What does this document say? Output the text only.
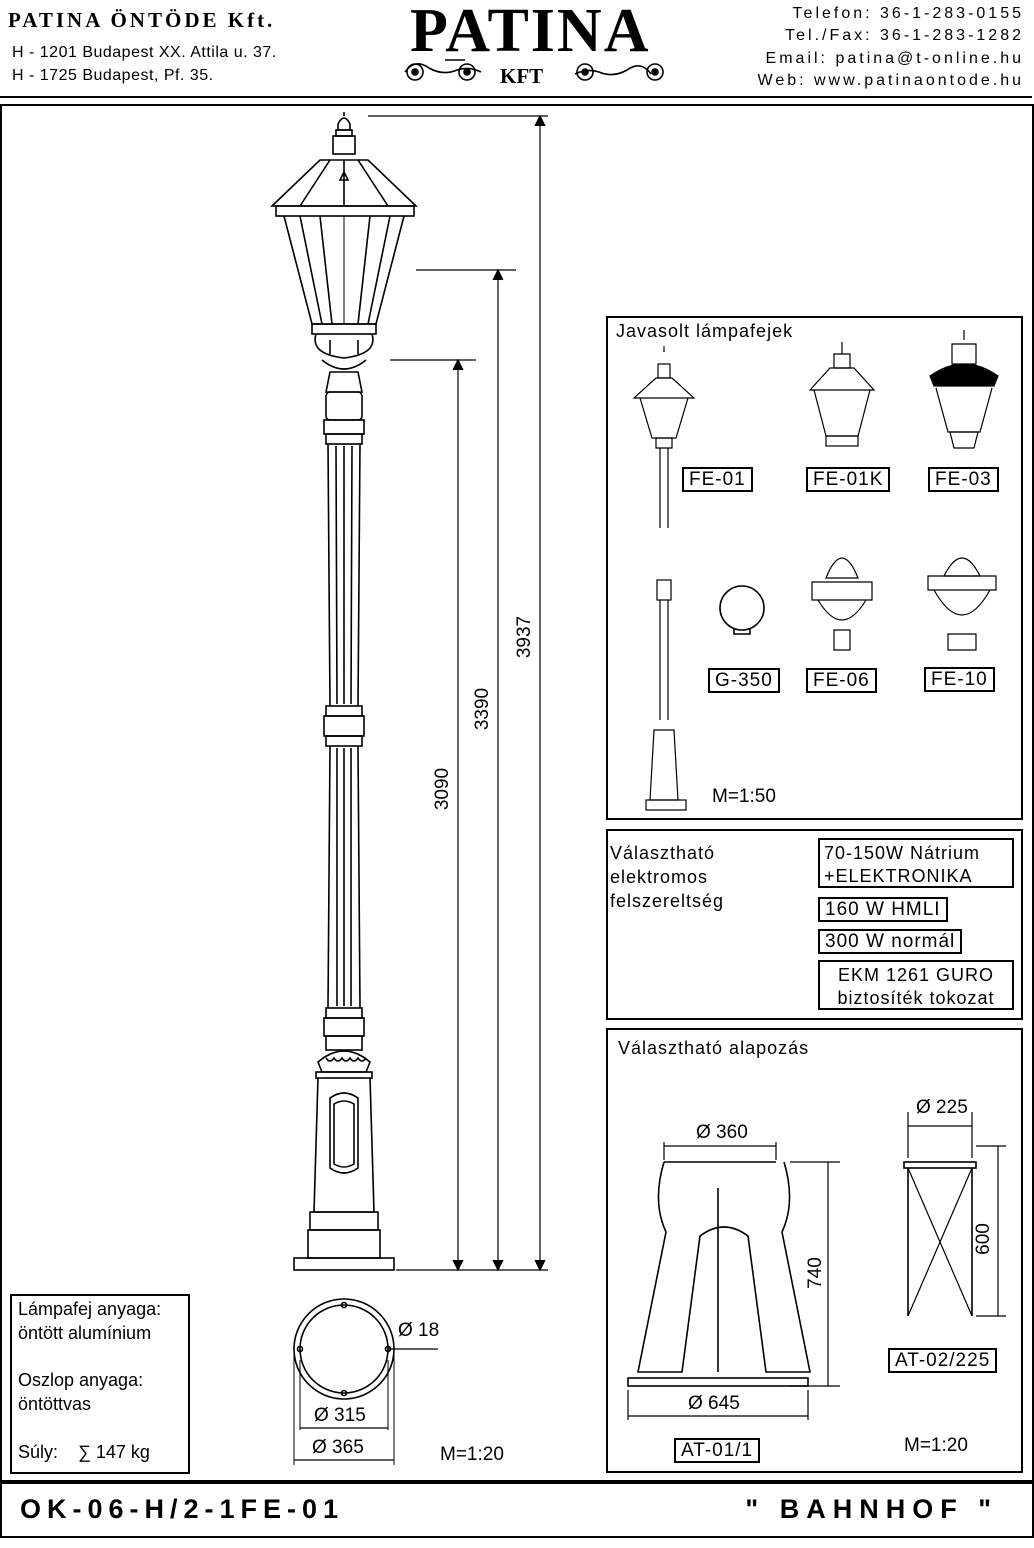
PATINA ÖNTÖDE Kft.
H - 1201 Budapest XX. Attila u. 37.
H - 1725 Budapest, Pf. 35.
PATINA
KFT
Telefon: 36-1-283-0155
Tel./Fax: 36-1-283-1282
Email: patina@t-online.hu
Web: www.patinaontode.hu
3937
3390
3090
Ø 18
Ø 315
Ø 365	M=1:20
Lámpafej anyaga:
öntött alumínium
Oszlop anyaga:
öntöttvas
Súly: ∑ 147 kg
Javasolt lámpafejek
FE-01	FE-01K	FE-03
G-350	FE-06	FE-10
M=1:50
Választható
elektromos
felszereltség
70-150W Nátrium
+ELEKTRONIKA
160 W HMLI
300 W normál
EKM 1261 GURO
biztosíték tokozat
Választható alapozás
Ø 360
740
Ø 645
AT-01/1
Ø 225
600
AT-02/225
M=1:20
OK-06-H/2-1FE-01	" BAHNHOF "
